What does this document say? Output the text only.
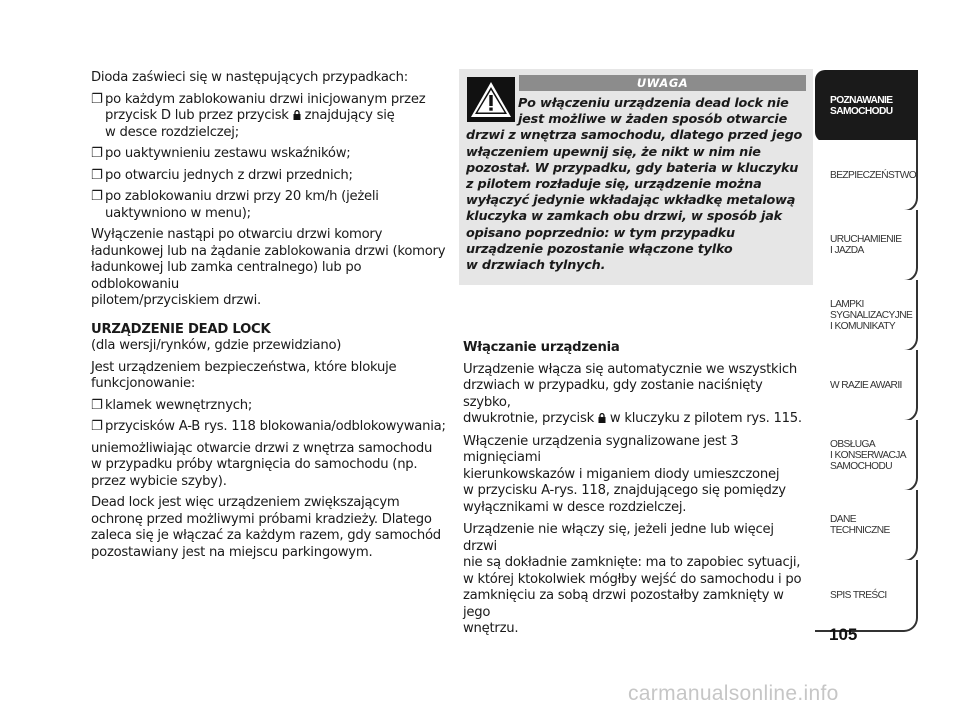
Dioda zaświeci się w następujących przypadkach:

❐ po każdym zablokowaniu drzwi inicjowanym przez
przycisk D lub przez przycisk znajdujący się
w desce rozdzielczej;

❐ po uaktywnieniu zestawu wskaźników;

❐ po otwarciu jednych z drzwi przednich;

❐ po zablokowaniu drzwi przy 20 km/h (jeżeli
uaktywniono w menu);

Wyłączenie nastąpi po otwarciu drzwi komory
ładunkowej lub na żądanie zablokowania drzwi (komory
ładunkowej lub zamka centralnego) lub po odblokowaniu
pilotem/przyciskiem drzwi.

URZĄDZENIE DEAD LOCK

(dla wersji/rynków, gdzie przewidziano)

Jest urządzeniem bezpieczeństwa, które blokuje
funkcjonowanie:

❐ klamek wewnętrznych;

❐ przycisków A-B rys. 118 blokowania/odblokowywania;

uniemożliwiając otwarcie drzwi z wnętrza samochodu
w przypadku próby wtargnięcia do samochodu (np.
przez wybicie szyby).

Dead lock jest więc urządzeniem zwiększającym
ochronę przed możliwymi próbami kradzieży. Dlatego
zaleca się je włączać za każdym razem, gdy samochód
pozostawiany jest na miejscu parkingowym.

UWAGA
Po włączeniu urządzenia dead lock nie
jest możliwe w żaden sposób otwarcie
drzwi z wnętrza samochodu, dlatego przed jego
włączeniem upewnij się, że nikt w nim nie
pozostał. W przypadku, gdy bateria w kluczyku
z pilotem rozładuje się, urządzenie można
wyłączyć jedynie wkładając wkładkę metalową
kluczyka w zamkach obu drzwi, w sposób jak
opisano poprzednio: w tym przypadku
urządzenie pozostanie włączone tylko
w drzwiach tylnych.

Włączanie urządzenia

Urządzenie włącza się automatycznie we wszystkich
drzwiach w przypadku, gdy zostanie naciśnięty szybko,
dwukrotnie, przycisk w kluczyku z pilotem rys. 115.

Włączenie urządzenia sygnalizowane jest 3 mignięciami
kierunkowskazów i miganiem diody umieszczonej
w przycisku A-rys. 118, znajdującego się pomiędzy
wyłącznikami w desce rozdzielczej.

Urządzenie nie włączy się, jeżeli jedne lub więcej drzwi
nie są dokładnie zamknięte: ma to zapobiec sytuacji,
w której ktokolwiek mógłby wejść do samochodu i po
zamknięciu za sobą drzwi pozostałby zamknięty w jego
wnętrzu.

POZNAWANIE
SAMOCHODU
BEZPIECZEŃSTWO
URUCHAMIENIE
I JAZDA
LAMPKI
SYGNALIZACYJNE
I KOMUNIKATY
W RAZIE AWARII
OBSŁUGA
I KONSERWACJA
SAMOCHODU
DANE TECHNICZNE
SPIS TREŚCI
105
carmanualsonline.info
